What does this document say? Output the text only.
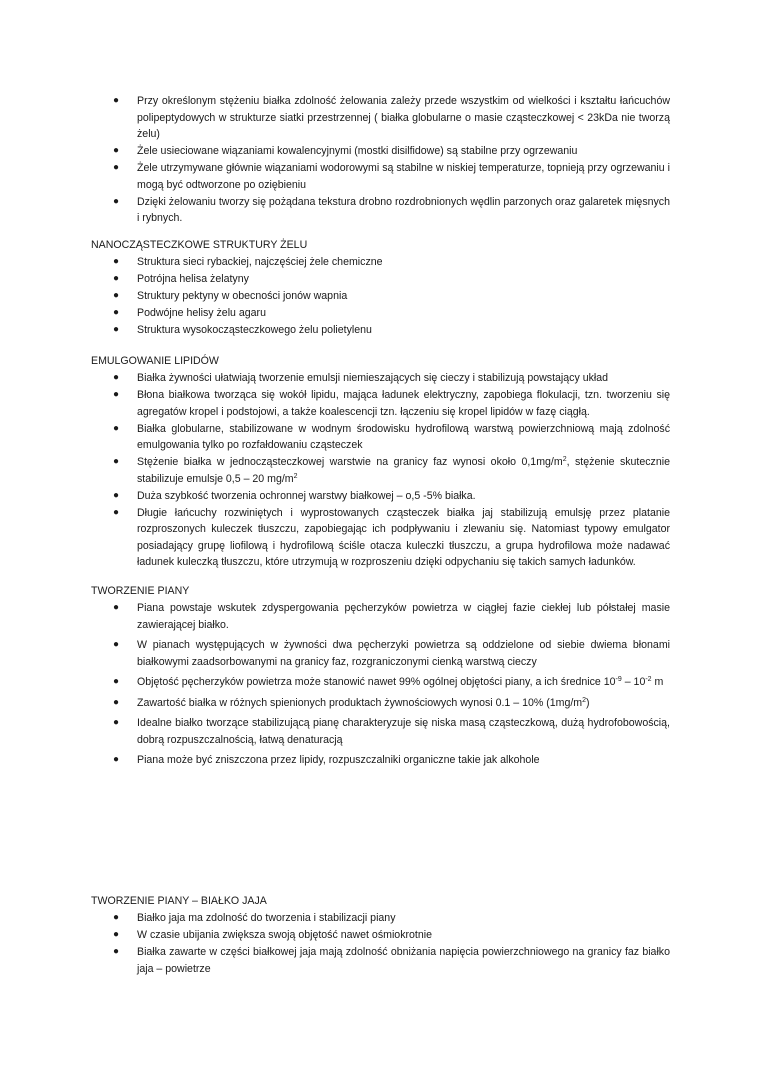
● Przy określonym stężeniu białka zdolność żelowania zależy przede wszystkim od wielkości i kształtu łańcuchów polipeptydowych w strukturze siatki przestrzennej ( białka globularne o masie cząsteczkowej < 23kDa nie tworzą żelu)
● Żele usieciowane wiązaniami kowalencyjnymi (mostki disilfidowe) są stabilne przy ogrzewaniu
● Żele utrzymywane głównie wiązaniami wodorowymi są stabilne w niskiej temperaturze, topnieją przy ogrzewaniu i mogą być odtworzone po oziębieniu
● Dzięki żelowaniu tworzy się pożądana tekstura drobno rozdrobnionych wędlin parzonych oraz galaretek mięsnych i rybnych.
NANOCZĄSTECZKOWE STRUKTURY ŻELU
● Struktura sieci rybackiej, najczęściej żele chemiczne
● Potrójna helisa żelatyny
● Struktury pektyny w obecności jonów wapnia
● Podwójne helisy żelu agaru
● Struktura wysokocząsteczkowego żelu polietylenu
EMULGOWANIE LIPIDÓW
● Białka żywności ułatwiają tworzenie emulsji niemieszających się cieczy i stabilizują powstający układ
● Błona białkowa tworząca się wokół lipidu, mająca ładunek elektryczny, zapobiega flokulacji, tzn. tworzeniu się agregatów kropel i podstojowi, a także koalescencji tzn. łączeniu się kropel lipidów w fazę ciągłą.
● Białka globularne, stabilizowane w wodnym środowisku hydrofilową warstwą powierzchniową mają zdolność emulgowania tylko po rozfałdowaniu cząsteczek
● Stężenie białka w jednocząsteczkowej warstwie na granicy faz wynosi około $0,1mg/m^2$, stężenie skutecznie stabilizuje emulsje 0,5 – 20 $mg/m^2$
● Duża szybkość tworzenia ochronnej warstwy białkowej – o,5 -5% białka.
● Długie łańcuchy rozwiniętych i wyprostowanych cząsteczek białka jaj stabilizują emulsję przez platanie rozproszonych kuleczek tłuszczu, zapobiegając ich podpływaniu i zlewaniu się. Natomiast typowy emulgator posiadający grupę liofilową i hydrofilową ściśle otacza kuleczki tłuszczu, a grupa hydrofilowa może nadawać ładunek kuleczką tłuszczu, które utrzymują w rozproszeniu dzięki odpychaniu się takich samych ładunków.
TWORZENIE PIANY
● Piana powstaje wskutek zdyspergowania pęcherzyków powietrza w ciągłej fazie ciekłej lub półstałej masie zawierającej białko.
● W pianach występujących w żywności dwa pęcherzyki powietrza są oddzielone od siebie dwiema błonami białkowymi zaadsorbowanymi na granicy faz, rozgraniczonymi cienką warstwą cieczy
● Objętość pęcherzyków powietrza może stanowić nawet 99% ogólnej objętości piany, a ich średnice $10^{-9} - 10^{-2}$ m
● Zawartość białka w różnych spienionych produktach żywnościowych wynosi 0.1 – 10% $(1mg/m^2)$
● Idealne białko tworzące stabilizującą pianę charakteryzuje się niska masą cząsteczkową, dużą hydrofobowością, dobrą rozpuszczalnością, łatwą denaturacją
● Piana może być zniszczona przez lipidy, rozpuszczalniki organiczne takie jak alkohole
TWORZENIE PIANY – BIAŁKO JAJA
● Białko jaja ma zdolność do tworzenia i stabilizacji piany
● W czasie ubijania zwiększa swoją objętość nawet ośmiokrotnie
● Białka zawarte w części białkowej jaja mają zdolność obniżania napięcia powierzchniowego na granicy faz białko jaja – powietrze
